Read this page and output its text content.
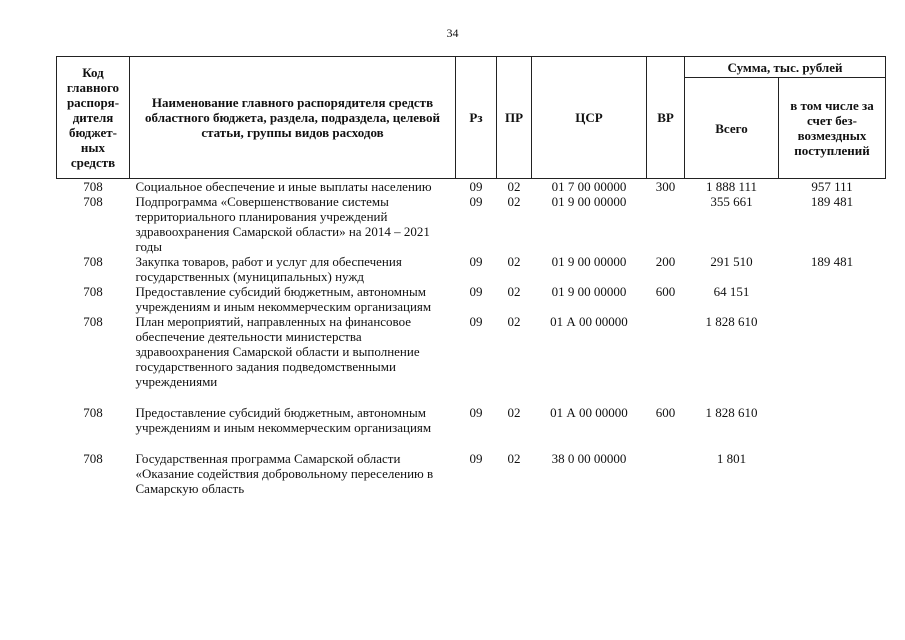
34
Код главного распоря-дителя бюджет-ных средств	Наименование главного распорядителя средств областного бюджета, раздела, подраздела, целевой статьи, группы видов расходов	Рз	ПР	ЦСР	ВР	Сумма, тыс. рублей	
						Всего	в том числе за счет без-возмездных поступлений
708	Социальное обеспечение и иные выплаты населению	09	02	01 7 00 00000	300	1 888 111	957 111
708	Подпрограмма «Совершенствование системы территориального планирования учреждений здравоохранения Самарской области» на 2014 – 2021 годы	09	02	01 9 00 00000		355 661	189 481
708	Закупка товаров, работ и услуг для обеспечения государственных (муниципальных) нужд	09	02	01 9 00 00000	200	291 510	189 481
708	Предоставление субсидий бюджетным, автономным учреждениям и иным некоммерческим организациям	09	02	01 9 00 00000	600	64 151	
708	План мероприятий, направленных на финансовое обеспечение деятельности министерства здравоохранения Самарской области и выполнение государственного задания подведомственными учреждениями	09	02	01 А 00 00000		1 828 610	
708	Предоставление субсидий бюджетным, автономным учреждениям и иным некоммерческим организациям	09	02	01 А 00 00000	600	1 828 610	
708	Государственная программа Самарской области «Оказание содействия добровольному переселению в Самарскую область	09	02	38 0 00 00000		1 801	
